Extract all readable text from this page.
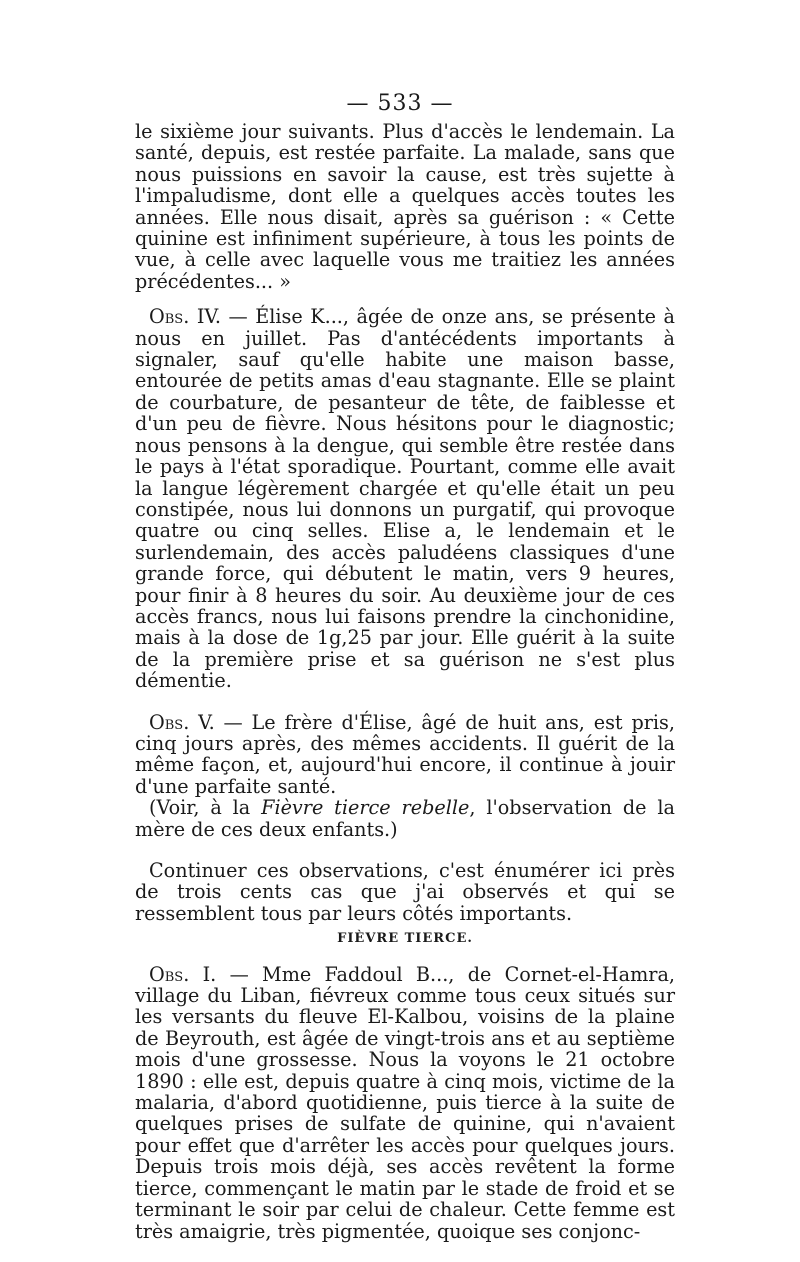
— 533 —

le sixième jour suivants. Plus d'accès le lendemain. La santé, depuis, est restée parfaite. La malade, sans que nous puissions en savoir la cause, est très sujette à l'impaludisme, dont elle a quelques accès toutes les années. Elle nous disait, après sa guérison : « Cette quinine est infiniment supérieure, à tous les points de vue, à celle avec laquelle vous me traitiez les années précédentes... »

Obs. IV. — Élise K..., âgée de onze ans, se présente à nous en juillet. Pas d'antécédents importants à signaler, sauf qu'elle habite une maison basse, entourée de petits amas d'eau stagnante. Elle se plaint de courbature, de pesanteur de tête, de faiblesse et d'un peu de fièvre. Nous hésitons pour le diagnostic; nous pensons à la dengue, qui semble être restée dans le pays à l'état sporadique. Pourtant, comme elle avait la langue légèrement chargée et qu'elle était un peu constipée, nous lui donnons un purgatif, qui provoque quatre ou cinq selles. Elise a, le lendemain et le surlendemain, des accès paludéens classiques d'une grande force, qui débutent le matin, vers 9 heures, pour finir à 8 heures du soir. Au deuxième jour de ces accès francs, nous lui faisons prendre la cinchonidine, mais à la dose de 1g,25 par jour. Elle guérit à la suite de la première prise et sa guérison ne s'est plus démentie.

Obs. V. — Le frère d'Élise, âgé de huit ans, est pris, cinq jours après, des mêmes accidents. Il guérit de la même façon, et, aujourd'hui encore, il continue à jouir d'une parfaite santé.

(Voir, à la Fièvre tierce rebelle, l'observation de la mère de ces deux enfants.)

Continuer ces observations, c'est énumérer ici près de trois cents cas que j'ai observés et qui se ressemblent tous par leurs côtés importants.

FIÈVRE TIERCE.

Obs. I. — Mme Faddoul B..., de Cornet-el-Hamra, village du Liban, fiévreux comme tous ceux situés sur les versants du fleuve El-Kalbou, voisins de la plaine de Beyrouth, est âgée de vingt-trois ans et au septième mois d'une grossesse. Nous la voyons le 21 octobre 1890 : elle est, depuis quatre à cinq mois, victime de la malaria, d'abord quotidienne, puis tierce à la suite de quelques prises de sulfate de quinine, qui n'avaient pour effet que d'arrêter les accès pour quelques jours. Depuis trois mois déjà, ses accès revêtent la forme tierce, commençant le matin par le stade de froid et se terminant le soir par celui de chaleur. Cette femme est très amaigrie, très pigmentée, quoique ses conjonc-
